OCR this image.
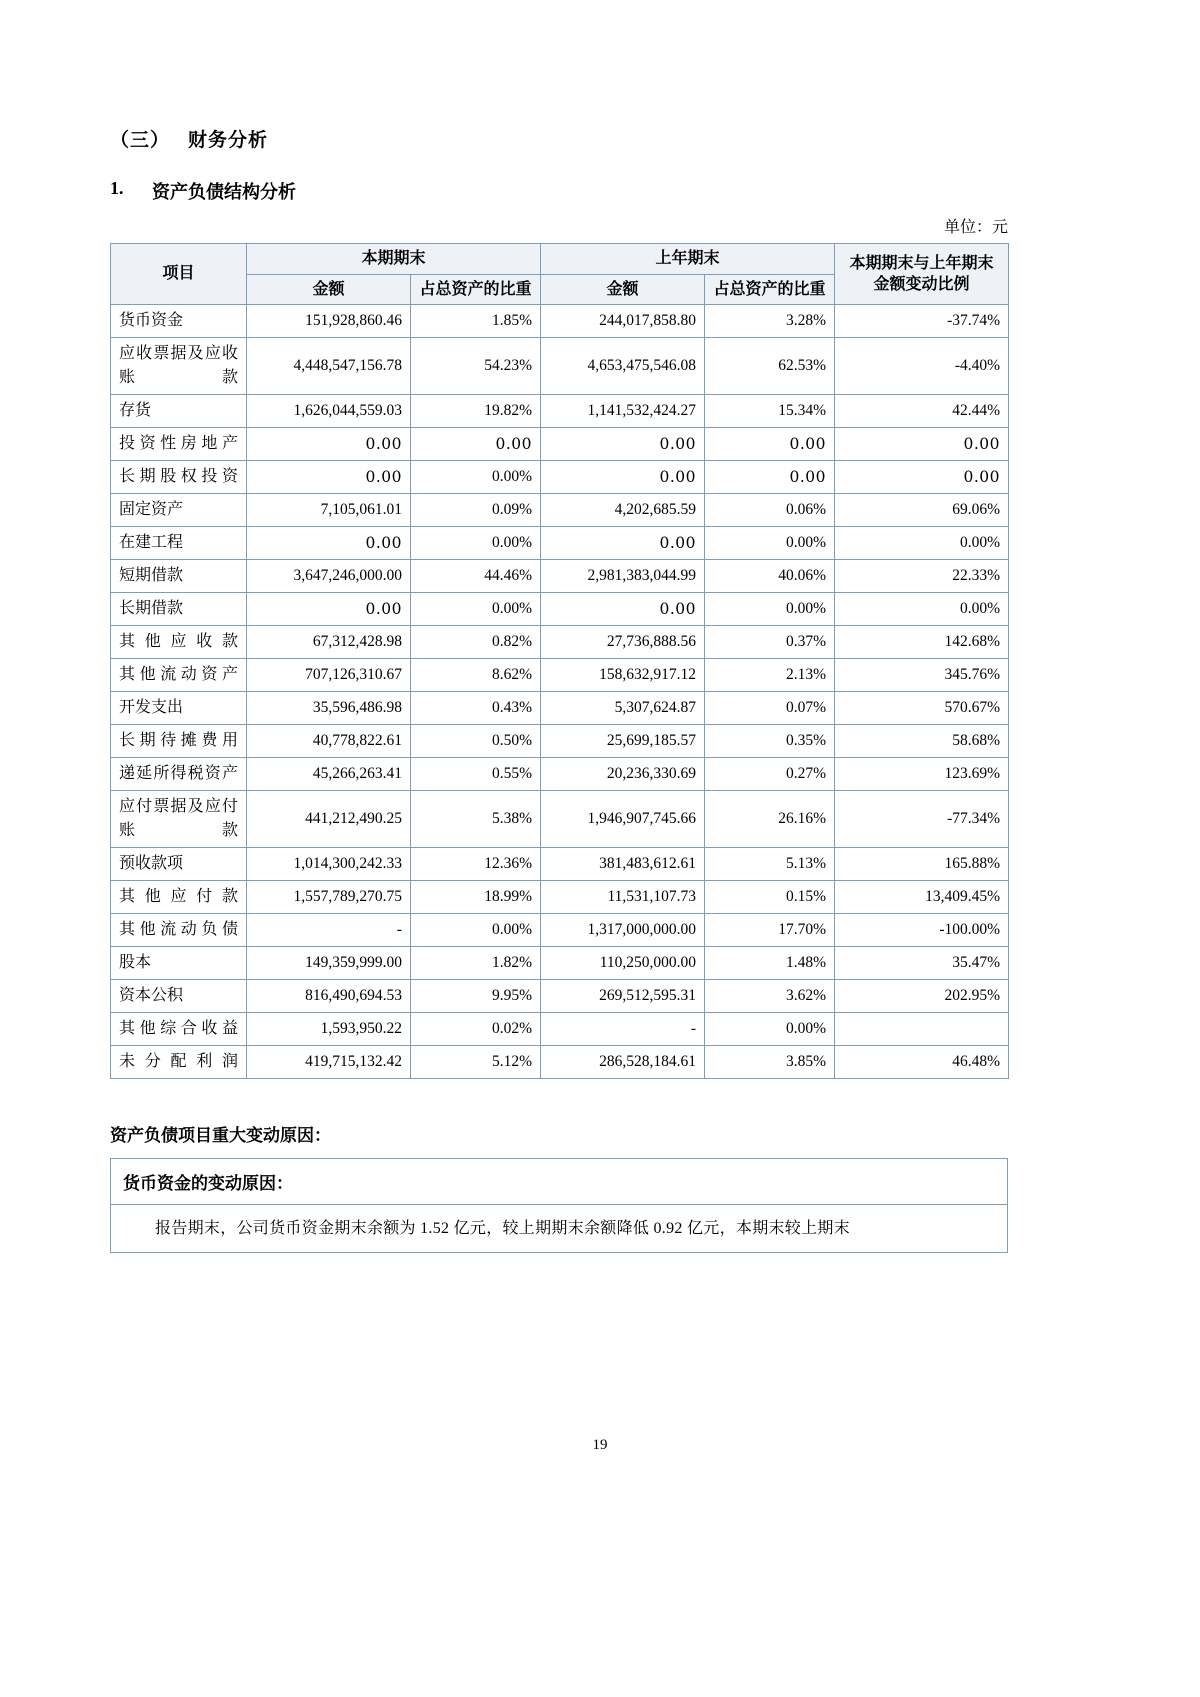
（三） 财务分析
1.	资产负债结构分析
单位：元
项目	本期期末		上年期末		本期期末与上年期末金额变动比例
	金额	占总资产的比重	金额	占总资产的比重	
货币资金	151,928,860.46	1.85%	244,017,858.80	3.28%	-37.74%
应收票据及应收账款	4,448,547,156.78	54.23%	4,653,475,546.08	62.53%	-4.40%
存货	1,626,044,559.03	19.82%	1,141,532,424.27	15.34%	42.44%
投资性房地产	0.00	0.00	0.00	0.00	0.00
长期股权投资	0.00	0.00%	0.00	0.00	0.00
固定资产	7,105,061.01	0.09%	4,202,685.59	0.06%	69.06%
在建工程	0.00	0.00%	0.00	0.00%	0.00%
短期借款	3,647,246,000.00	44.46%	2,981,383,044.99	40.06%	22.33%
长期借款	0.00	0.00%	0.00	0.00%	0.00%
其他应收款	67,312,428.98	0.82%	27,736,888.56	0.37%	142.68%
其他流动资产	707,126,310.67	8.62%	158,632,917.12	2.13%	345.76%
开发支出	35,596,486.98	0.43%	5,307,624.87	0.07%	570.67%
长期待摊费用	40,778,822.61	0.50%	25,699,185.57	0.35%	58.68%
递延所得税资产	45,266,263.41	0.55%	20,236,330.69	0.27%	123.69%
应付票据及应付账款	441,212,490.25	5.38%	1,946,907,745.66	26.16%	-77.34%
预收款项	1,014,300,242.33	12.36%	381,483,612.61	5.13%	165.88%
其他应付款	1,557,789,270.75	18.99%	11,531,107.73	0.15%	13,409.45%
其他流动负债	-	0.00%	1,317,000,000.00	17.70%	-100.00%
股本	149,359,999.00	1.82%	110,250,000.00	1.48%	35.47%
资本公积	816,490,694.53	9.95%	269,512,595.31	3.62%	202.95%
其他综合收益	1,593,950.22	0.02%	-	0.00%	
未分配利润	419,715,132.42	5.12%	286,528,184.61	3.85%	46.48%
资产负债项目重大变动原因：
货币资金的变动原因：
报告期末，公司货币资金期末余额为 1.52 亿元，较上期期末余额降低 0.92 亿元，本期末较上期末
19
